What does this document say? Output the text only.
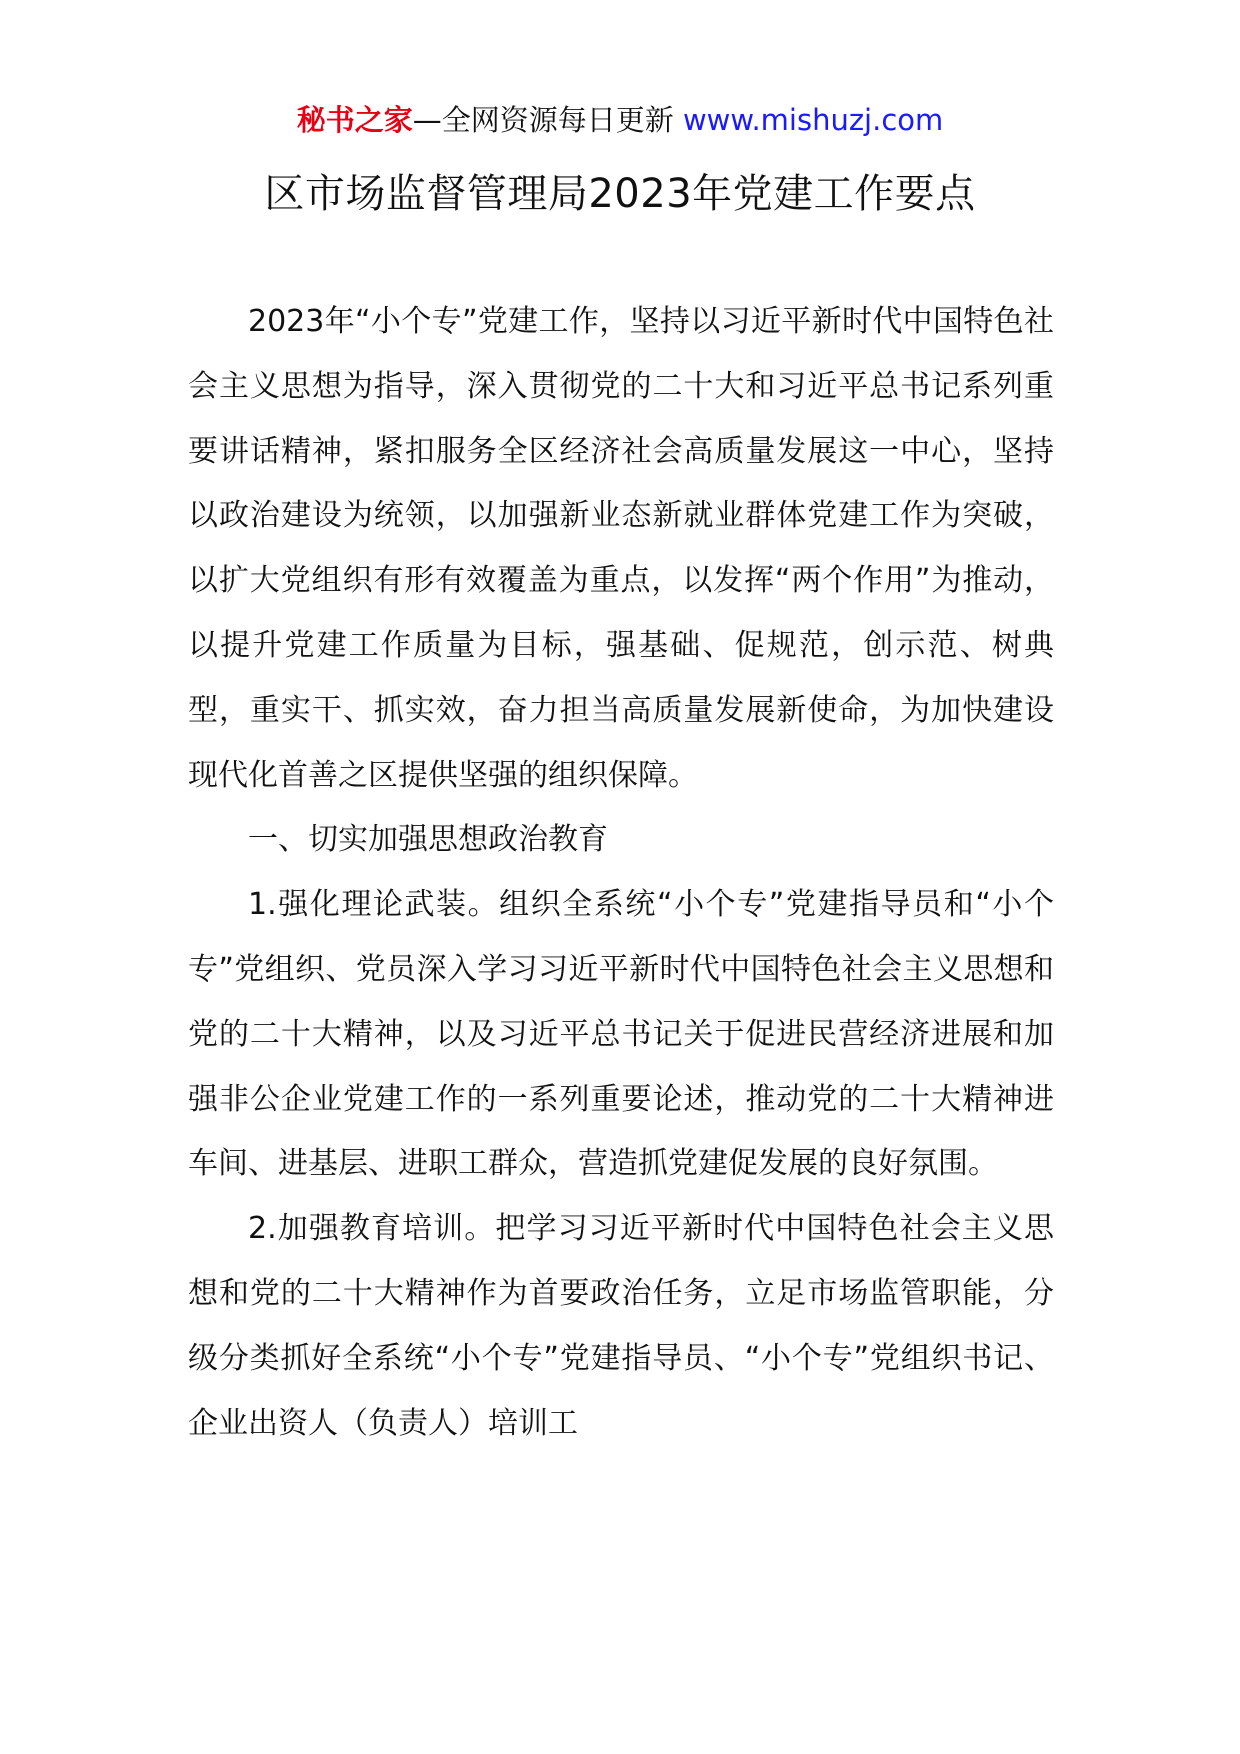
秘书之家—全网资源每日更新 www.mishuzj.com
区市场监督管理局2023年党建工作要点

2023年“小个专”党建工作，坚持以习近平新时代中国特色社会主义思想为指导，深入贯彻党的二十大和习近平总书记系列重要讲话精神，紧扣服务全区经济社会高质量发展这一中心，坚持以政治建设为统领，以加强新业态新就业群体党建工作为突破，以扩大党组织有形有效覆盖为重点，以发挥“两个作用”为推动，以提升党建工作质量为目标，强基础、促规范，创示范、树典型，重实干、抓实效，奋力担当高质量发展新使命，为加快建设现代化首善之区提供坚强的组织保障。

一、切实加强思想政治教育

1.强化理论武装。组织全系统“小个专”党建指导员和“小个专”党组织、党员深入学习习近平新时代中国特色社会主义思想和党的二十大精神，以及习近平总书记关于促进民营经济进展和加强非公企业党建工作的一系列重要论述，推动党的二十大精神进车间、进基层、进职工群众，营造抓党建促发展的良好氛围。

2.加强教育培训。把学习习近平新时代中国特色社会主义思想和党的二十大精神作为首要政治任务，立足市场监管职能，分级分类抓好全系统“小个专”党建指导员、“小个专”党组织书记、企业出资人（负责人）培训工
